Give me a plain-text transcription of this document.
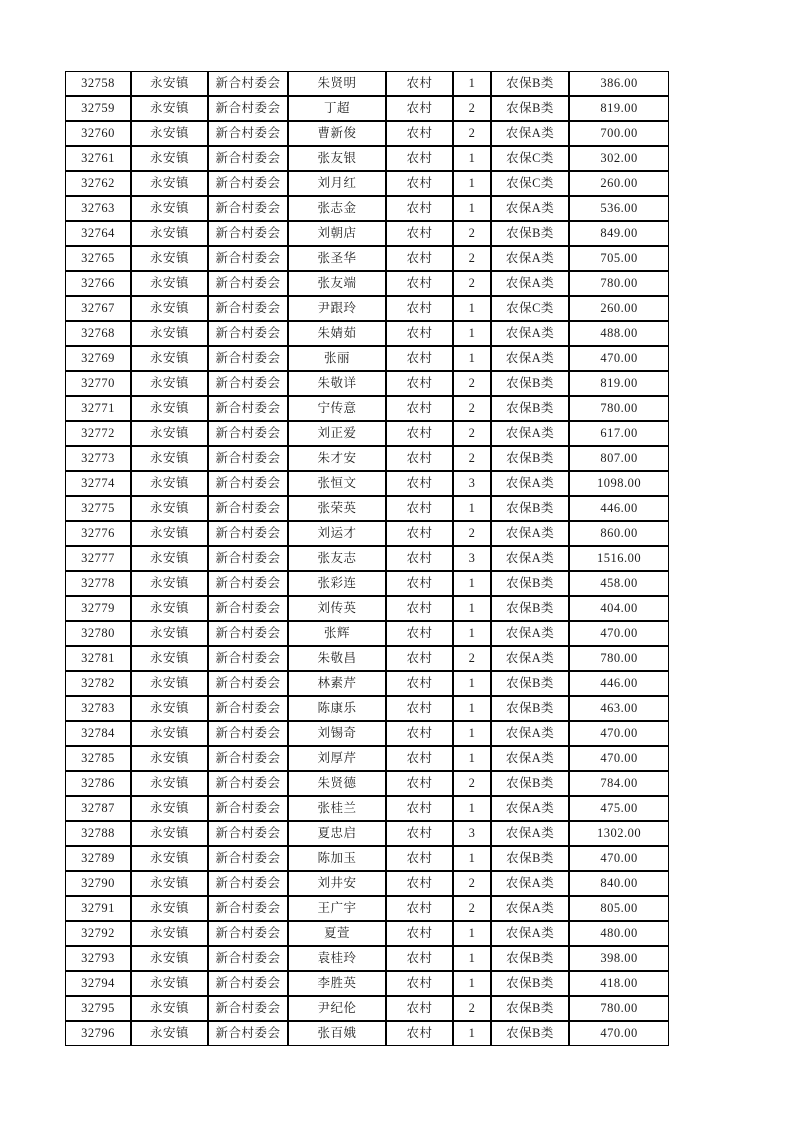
32758	永安镇	新合村委会	朱贤明	农村	1	农保B类	386.00
32759	永安镇	新合村委会	丁超	农村	2	农保B类	819.00
32760	永安镇	新合村委会	曹新俊	农村	2	农保A类	700.00
32761	永安镇	新合村委会	张友银	农村	1	农保C类	302.00
32762	永安镇	新合村委会	刘月红	农村	1	农保C类	260.00
32763	永安镇	新合村委会	张志金	农村	1	农保A类	536.00
32764	永安镇	新合村委会	刘朝店	农村	2	农保B类	849.00
32765	永安镇	新合村委会	张圣华	农村	2	农保A类	705.00
32766	永安镇	新合村委会	张友端	农村	2	农保A类	780.00
32767	永安镇	新合村委会	尹跟玲	农村	1	农保C类	260.00
32768	永安镇	新合村委会	朱婧茹	农村	1	农保A类	488.00
32769	永安镇	新合村委会	张丽	农村	1	农保A类	470.00
32770	永安镇	新合村委会	朱敬详	农村	2	农保B类	819.00
32771	永安镇	新合村委会	宁传意	农村	2	农保B类	780.00
32772	永安镇	新合村委会	刘正爱	农村	2	农保A类	617.00
32773	永安镇	新合村委会	朱才安	农村	2	农保B类	807.00
32774	永安镇	新合村委会	张恒文	农村	3	农保A类	1098.00
32775	永安镇	新合村委会	张荣英	农村	1	农保B类	446.00
32776	永安镇	新合村委会	刘运才	农村	2	农保A类	860.00
32777	永安镇	新合村委会	张友志	农村	3	农保A类	1516.00
32778	永安镇	新合村委会	张彩连	农村	1	农保B类	458.00
32779	永安镇	新合村委会	刘传英	农村	1	农保B类	404.00
32780	永安镇	新合村委会	张辉	农村	1	农保A类	470.00
32781	永安镇	新合村委会	朱敬昌	农村	2	农保A类	780.00
32782	永安镇	新合村委会	林素芹	农村	1	农保B类	446.00
32783	永安镇	新合村委会	陈康乐	农村	1	农保B类	463.00
32784	永安镇	新合村委会	刘锡奇	农村	1	农保A类	470.00
32785	永安镇	新合村委会	刘厚芹	农村	1	农保A类	470.00
32786	永安镇	新合村委会	朱贤德	农村	2	农保B类	784.00
32787	永安镇	新合村委会	张桂兰	农村	1	农保A类	475.00
32788	永安镇	新合村委会	夏忠启	农村	3	农保A类	1302.00
32789	永安镇	新合村委会	陈加玉	农村	1	农保B类	470.00
32790	永安镇	新合村委会	刘井安	农村	2	农保A类	840.00
32791	永安镇	新合村委会	王广宇	农村	2	农保A类	805.00
32792	永安镇	新合村委会	夏萱	农村	1	农保A类	480.00
32793	永安镇	新合村委会	袁桂玲	农村	1	农保B类	398.00
32794	永安镇	新合村委会	李胜英	农村	1	农保B类	418.00
32795	永安镇	新合村委会	尹纪伦	农村	2	农保B类	780.00
32796	永安镇	新合村委会	张百娥	农村	1	农保B类	470.00
